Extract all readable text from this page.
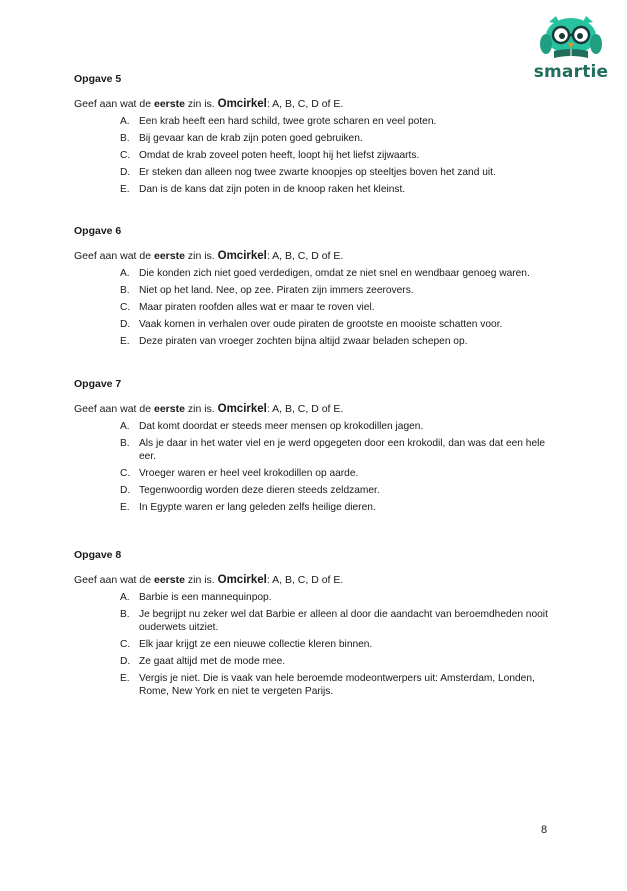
smartie
Opgave 5
Geef aan wat de eerste zin is. Omcirkel: A, B, C, D of E.
A. Een krab heeft een hard schild, twee grote scharen en veel poten.
B. Bij gevaar kan de krab zijn poten goed gebruiken.
C. Omdat de krab zoveel poten heeft, loopt hij het liefst zijwaarts.
D. Er steken dan alleen nog twee zwarte knoopjes op steeltjes boven het zand uit.
E. Dan is de kans dat zijn poten in de knoop raken het kleinst.
Opgave 6
Geef aan wat de eerste zin is. Omcirkel: A, B, C, D of E.
A. Die konden zich niet goed verdedigen, omdat ze niet snel en wendbaar genoeg waren.
B. Niet op het land. Nee, op zee. Piraten zijn immers zeerovers.
C. Maar piraten roofden alles wat er maar te roven viel.
D. Vaak komen in verhalen over oude piraten de grootste en mooiste schatten voor.
E. Deze piraten van vroeger zochten bijna altijd zwaar beladen schepen op.
Opgave 7
Geef aan wat de eerste zin is. Omcirkel: A, B, C, D of E.
A. Dat komt doordat er steeds meer mensen op krokodillen jagen.
B. Als je daar in het water viel en je werd opgegeten door een krokodil, dan was dat een hele eer.
C. Vroeger waren er heel veel krokodillen op aarde.
D. Tegenwoordig worden deze dieren steeds zeldzamer.
E. In Egypte waren er lang geleden zelfs heilige dieren.
Opgave 8
Geef aan wat de eerste zin is. Omcirkel: A, B, C, D of E.
A. Barbie is een mannequinpop.
B. Je begrijpt nu zeker wel dat Barbie er alleen al door die aandacht van beroemdheden nooit ouderwets uitziet.
C. Elk jaar krijgt ze een nieuwe collectie kleren binnen.
D. Ze gaat altijd met de mode mee.
E. Vergis je niet. Die is vaak van hele beroemde modeontwerpers uit: Amsterdam, Londen, Rome, New York en niet te vergeten Parijs.
8
